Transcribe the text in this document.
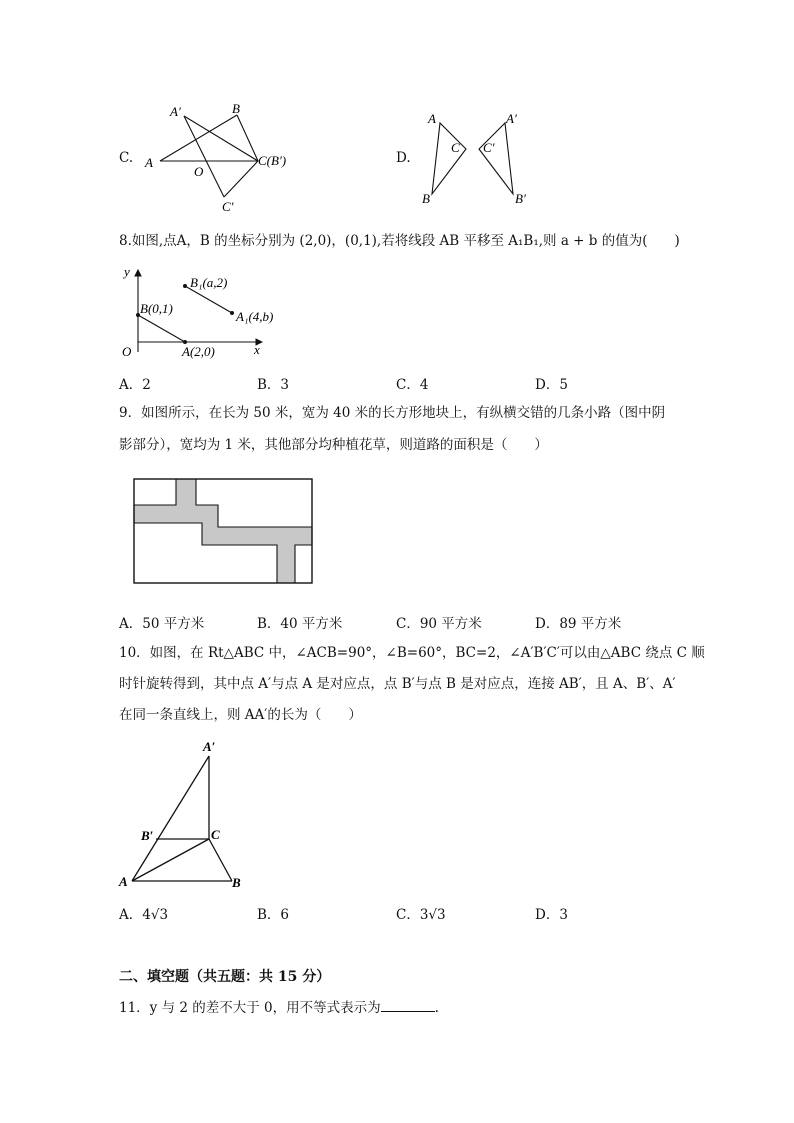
C.
A′	B
A
O
C(B′)
C′
D.
A
C
B
C′
A′
B′
8.如图,点A，B 的坐标分别为 (2,0)，(0,1),若将线段 AB 平移至 A₁B₁,则 a + b 的值为(　　)
y
x
O
B(0,1)
A(2,0)
B₁(a,2)
A₁(4,b)
A．2	B．3	C．4	D．5
9．如图所示，在长为 50 米，宽为 40 米的长方形地块上，有纵横交错的几条小路（图中阴
影部分），宽均为 1 米，其他部分均种植花草，则道路的面积是（　　）
A．50 平方米	B．40 平方米	C．90 平方米	D．89 平方米
10．如图，在 Rt△ABC 中，∠ACB=90°，∠B=60°，BC=2，∠A′B′C′可以由△ABC 绕点 C 顺
时针旋转得到，其中点 A′与点 A 是对应点，点 B′与点 B 是对应点，连接 AB′，且 A、B′、A′
在同一条直线上，则 AA′的长为（　　）
A′
B′	C
A	B
A．4√3	B．6	C．3√3	D．3
二、填空题（共五题：共 15 分）
11．y 与 2 的差不大于 0，用不等式表示为	.
